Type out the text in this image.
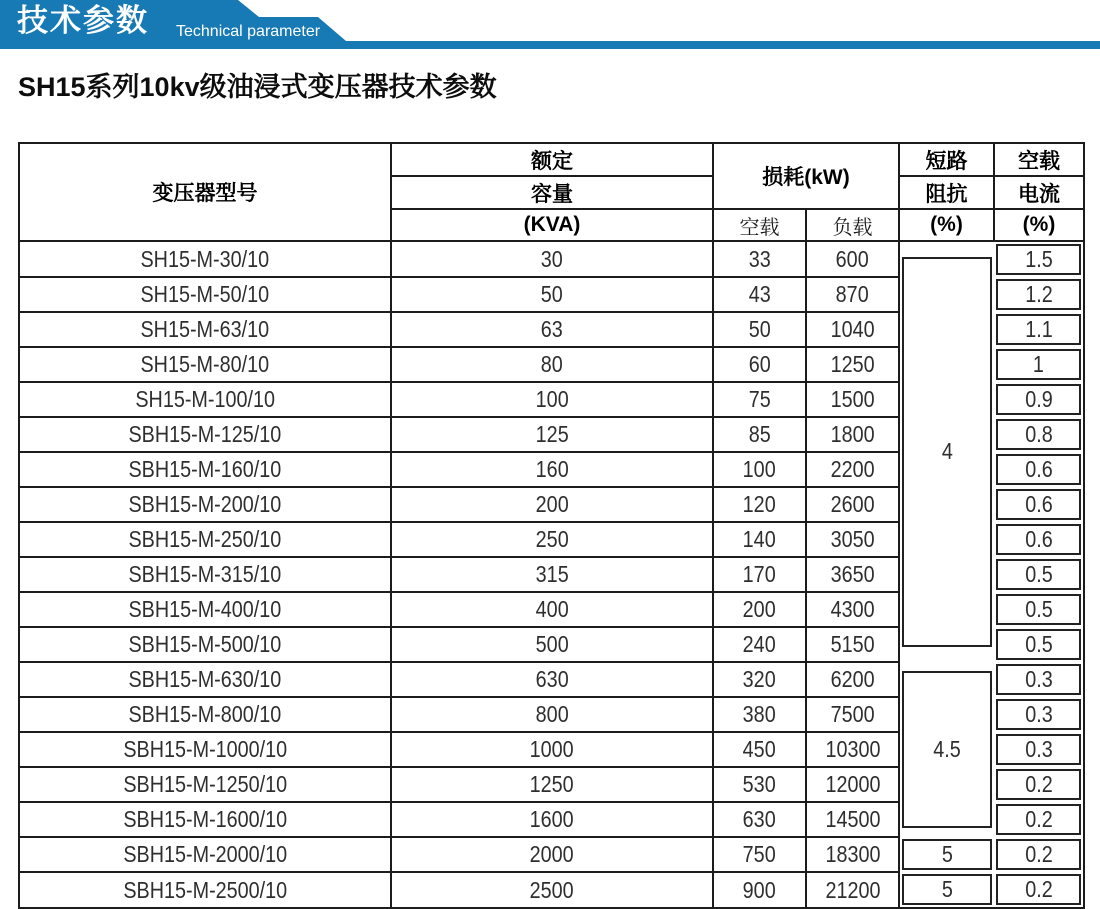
技术参数 Technical parameter
SH15系列10kv级油浸式变压器技术参数
变压器型号	额定	损耗(kW)		短路	空载
	容量			阻抗	电流
	(KVA)	空载	负载	(%)	(%)
SH15-M-30/10	30	33	600	4	1.5

SH15-M-50/10	50	43	870		1.2

SH15-M-63/10	63	50	1040		1.1

SH15-M-80/10	80	60	1250		1

SH15-M-100/10	100	75	1500		0.9

SBH15-M-125/10	125	85	1800		0.8

SBH15-M-160/10	160	100	2200		0.6

SBH15-M-200/10	200	120	2600		0.6

SBH15-M-250/10	250	140	3050		0.6

SBH15-M-315/10	315	170	3650		0.5

SBH15-M-400/10	400	200	4300		0.5

SBH15-M-500/10	500	240	5150		0.5

SBH15-M-630/10	630	320	6200	4.5	0.3

SBH15-M-800/10	800	380	7500		0.3

SBH15-M-1000/10	1000	450	10300		0.3

SBH15-M-1250/10	1250	530	12000		0.2

SBH15-M-1600/10	1600	630	14500		0.2

SBH15-M-2000/10	2000	750	18300	5	0.2

SBH15-M-2500/10	2500	900	21200	5	0.2
